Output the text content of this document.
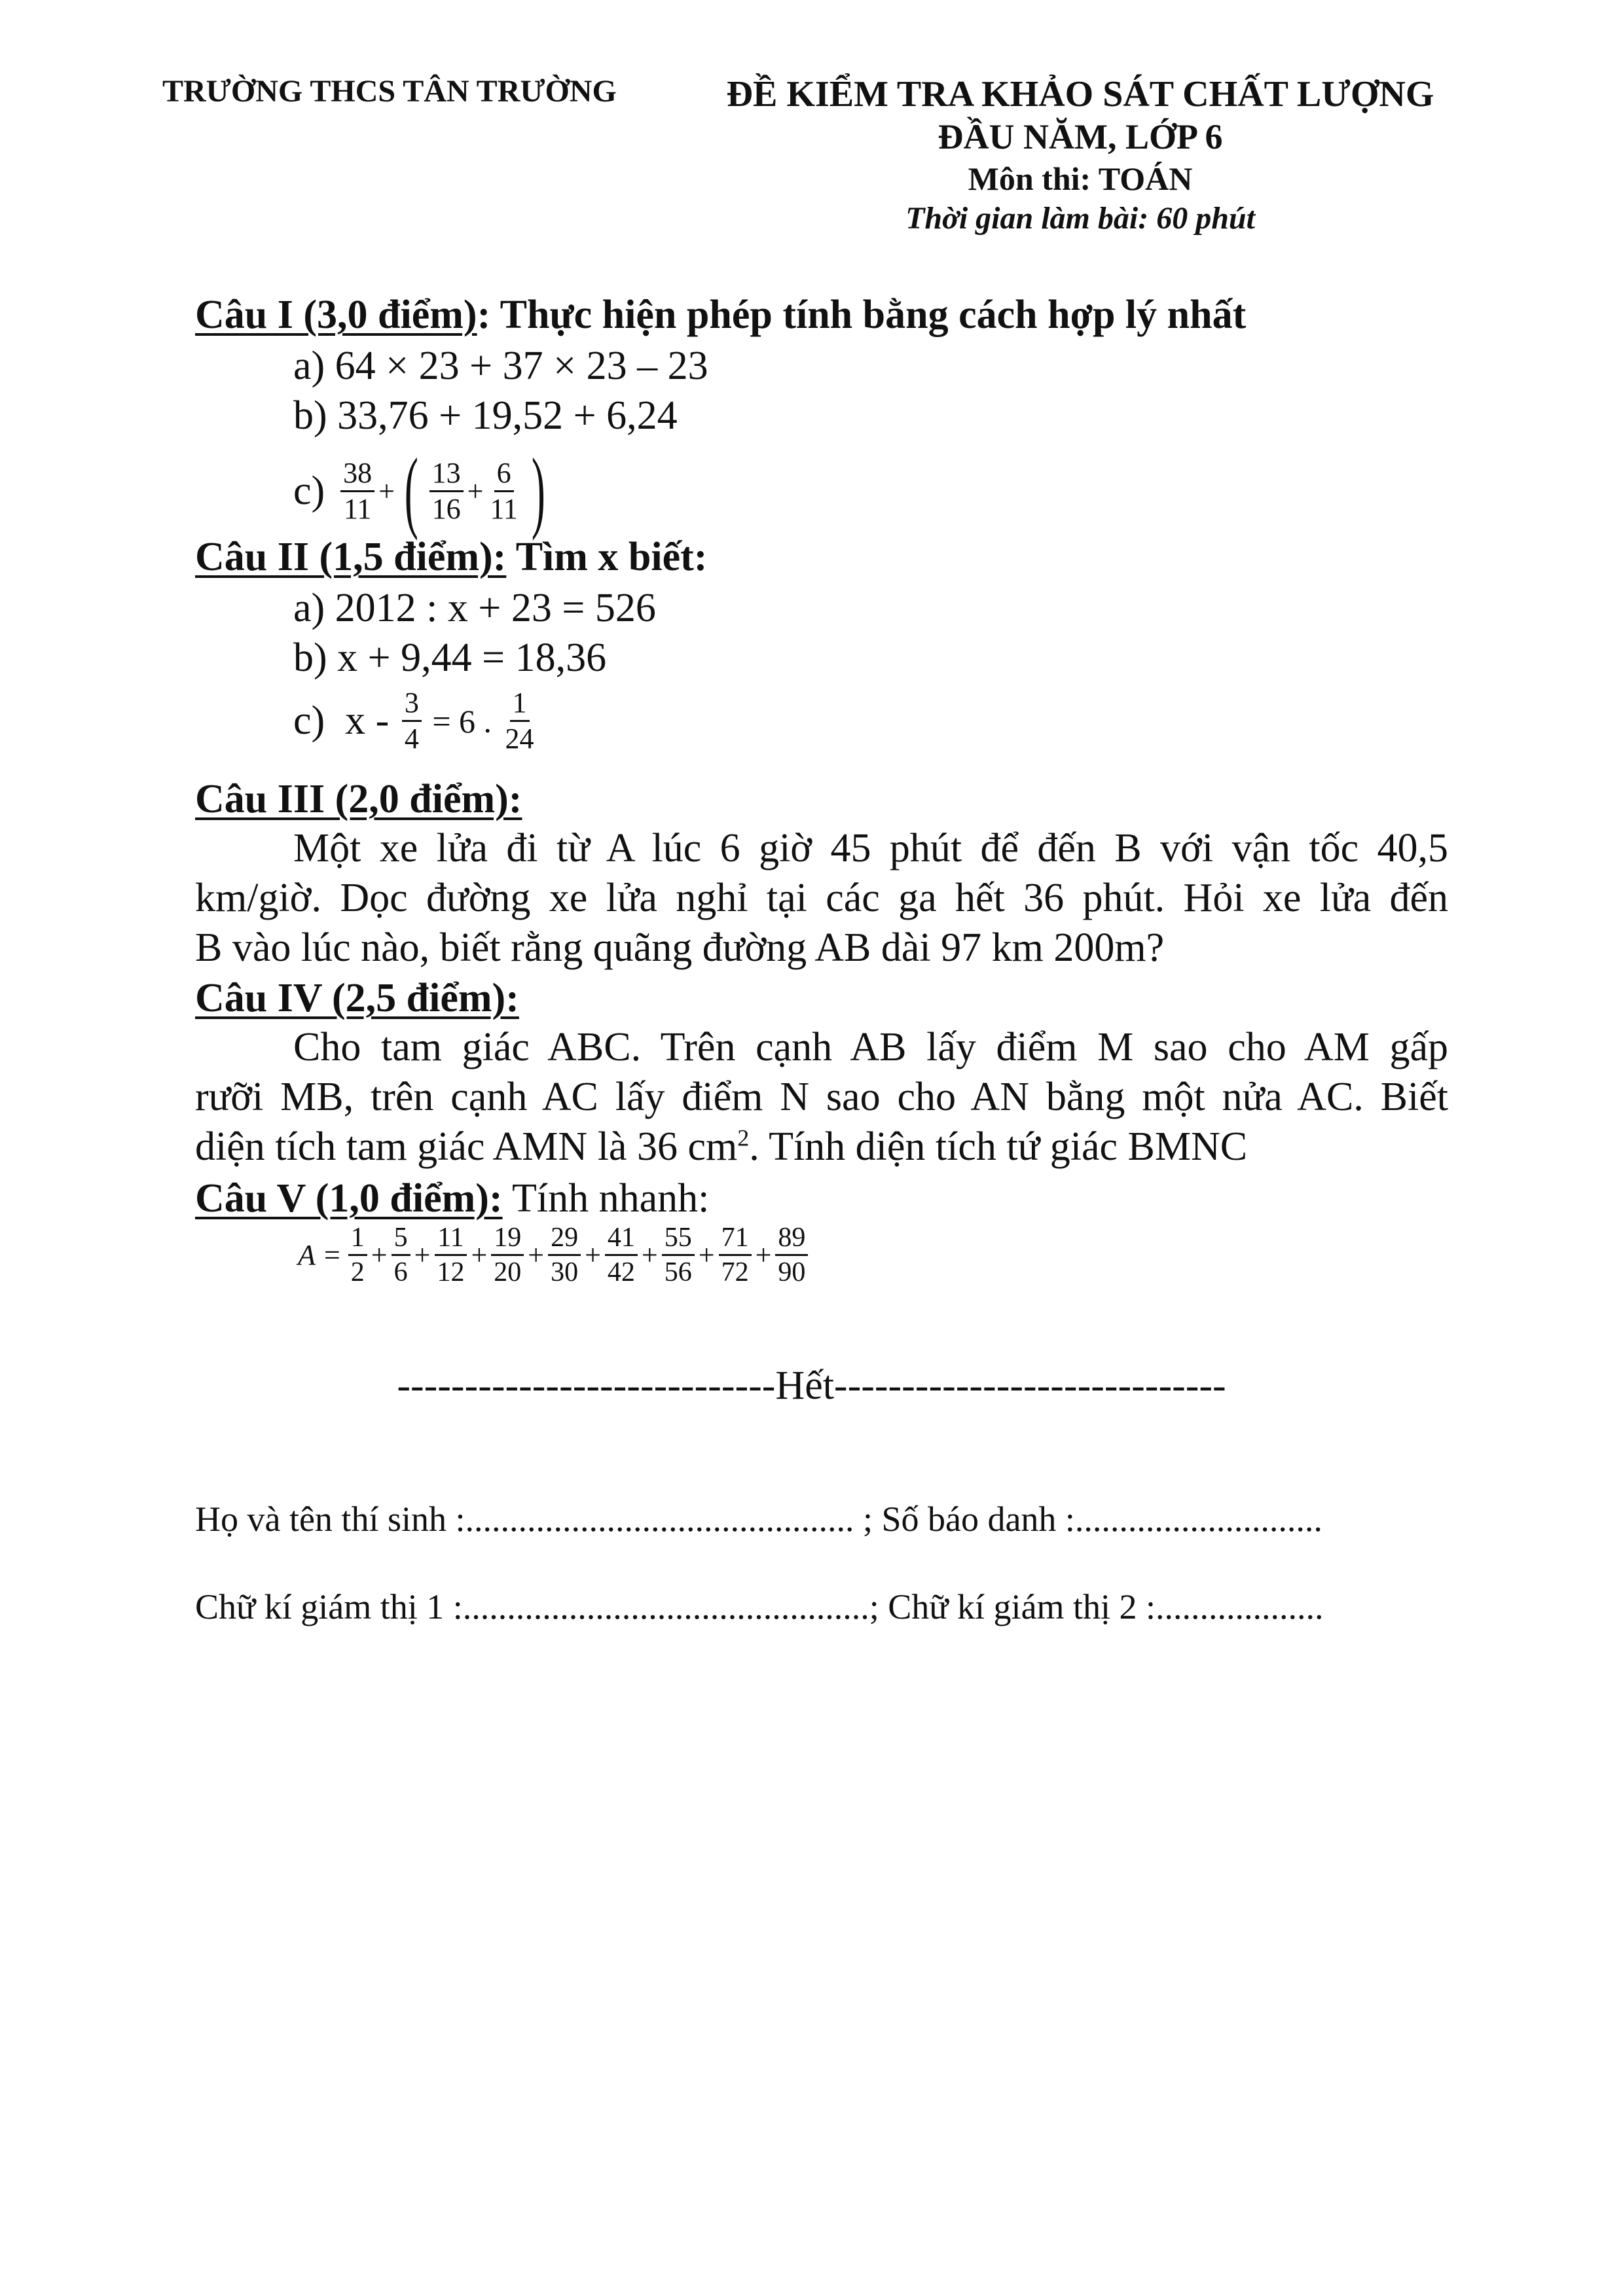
TRƯỜNG THCS TÂN TRƯỜNG	ĐỀ KIỂM TRA KHẢO SÁT CHẤT LƯỢNG
ĐẦU NĂM, LỚP 6
Môn thi: TOÁN
Thời gian làm bài: 60 phút
Câu I (3,0 điểm): Thực hiện phép tính bằng cách hợp lý nhất
a) 64 × 23 + 37 × 23 – 23
b) 33,76 + 19,52 + 6,24
$c) \frac{38}{11}$ + ( $\frac{13}{16} + \frac{6}{11}$ )
Câu II (1,5 điểm): Tìm x biết:
a) 2012 : x + 23 = 526
b) x + 9,44 = 18,36
c)  $x - \frac{3}{4} = 6$ . $\frac{1}{24}$
Câu III (2,0 điểm):
Một xe lửa đi từ A lúc 6 giờ 45 phút để đến B với vận tốc 40,5
km/giờ. Dọc đường xe lửa nghỉ tại các ga hết 36 phút. Hỏi xe lửa đến
B vào lúc nào, biết rằng quãng đường AB dài 97 km 200m?
Câu IV (2,5 điểm):
Cho tam giác ABC. Trên cạnh AB lấy điểm M sao cho AM gấp
rưỡi MB, trên cạnh AC lấy điểm N sao cho AN bằng một nửa AC. Biết
diện tích tam giác AMN là 36 $cm^2$. Tính diện tích tứ giác BMNC
Câu V (1,0 điểm): Tính nhanh:
$A = \frac{1}{2} + \frac{5}{6} + \frac{11}{12} + \frac{19}{20} + \frac{29}{30} + \frac{41}{42} + \frac{55}{56} + \frac{71}{72} + \frac{89}{90}$
----------------------------Hết-----------------------------
Họ và tên thí sinh :............................................ ; Số báo danh :............................
Chữ kí giám thị 1 :..............................................; Chữ kí giám thị 2 :...................
